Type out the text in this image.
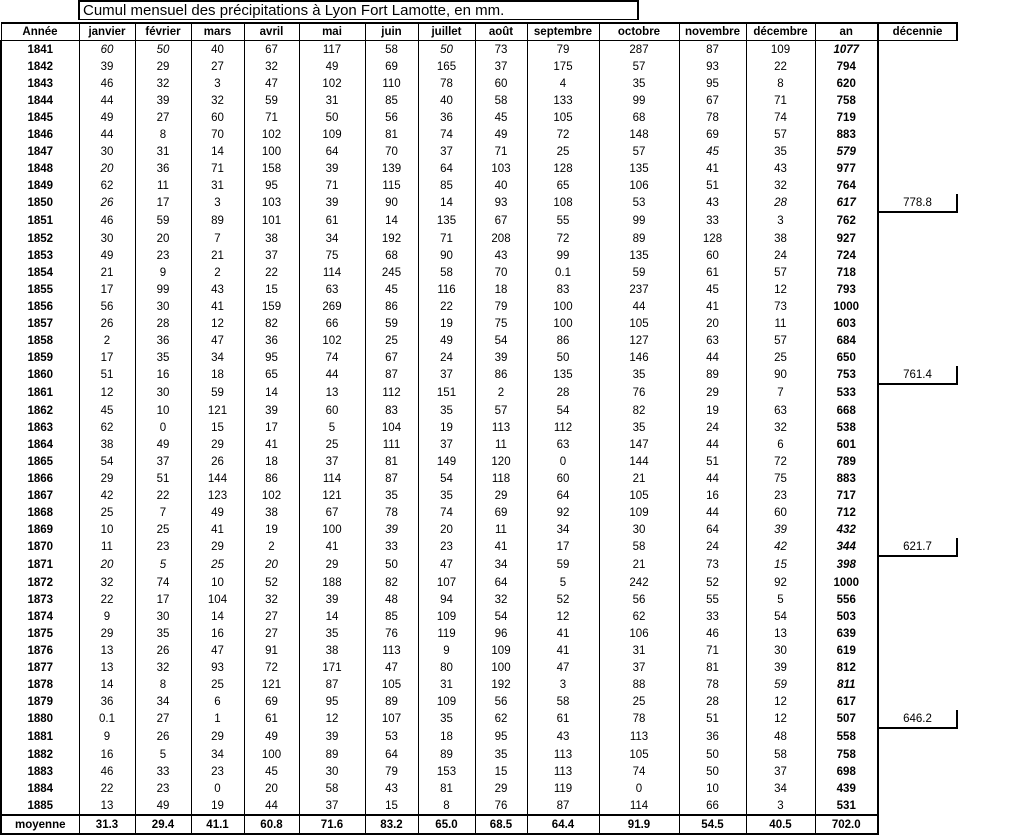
Cumul mensuel des précipitations à Lyon Fort Lamotte, en mm.
Année	janvier	février	mars	avril	mai	juin	juillet	août	septembre	octobre	novembre	décembre	an	décennie
1841	60	50	40	67	117	58	50	73	79	287	87	109	1077	
1842	39	29	27	32	49	69	165	37	175	57	93	22	794	
1843	46	32	3	47	102	110	78	60	4	35	95	8	620	
1844	44	39	32	59	31	85	40	58	133	99	67	71	758	
1845	49	27	60	71	50	56	36	45	105	68	78	74	719	
1846	44	8	70	102	109	81	74	49	72	148	69	57	883	
1847	30	31	14	100	64	70	37	71	25	57	45	35	579	
1848	20	36	71	158	39	139	64	103	128	135	41	43	977	
1849	62	11	31	95	71	115	85	40	65	106	51	32	764	
1850	26	17	3	103	39	90	14	93	108	53	43	28	617	778.8
1851	46	59	89	101	61	14	135	67	55	99	33	3	762	
1852	30	20	7	38	34	192	71	208	72	89	128	38	927	
1853	49	23	21	37	75	68	90	43	99	135	60	24	724	
1854	21	9	2	22	114	245	58	70	0.1	59	61	57	718	
1855	17	99	43	15	63	45	116	18	83	237	45	12	793	
1856	56	30	41	159	269	86	22	79	100	44	41	73	1000	
1857	26	28	12	82	66	59	19	75	100	105	20	11	603	
1858	2	36	47	36	102	25	49	54	86	127	63	57	684	
1859	17	35	34	95	74	67	24	39	50	146	44	25	650	
1860	51	16	18	65	44	87	37	86	135	35	89	90	753	761.4
1861	12	30	59	14	13	112	151	2	28	76	29	7	533	
1862	45	10	121	39	60	83	35	57	54	82	19	63	668	
1863	62	0	15	17	5	104	19	113	112	35	24	32	538	
1864	38	49	29	41	25	111	37	11	63	147	44	6	601	
1865	54	37	26	18	37	81	149	120	0	144	51	72	789	
1866	29	51	144	86	114	87	54	118	60	21	44	75	883	
1867	42	22	123	102	121	35	35	29	64	105	16	23	717	
1868	25	7	49	38	67	78	74	69	92	109	44	60	712	
1869	10	25	41	19	100	39	20	11	34	30	64	39	432	
1870	11	23	29	2	41	33	23	41	17	58	24	42	344	621.7
1871	20	5	25	20	29	50	47	34	59	21	73	15	398	
1872	32	74	10	52	188	82	107	64	5	242	52	92	1000	
1873	22	17	104	32	39	48	94	32	52	56	55	5	556	
1874	9	30	14	27	14	85	109	54	12	62	33	54	503	
1875	29	35	16	27	35	76	119	96	41	106	46	13	639	
1876	13	26	47	91	38	113	9	109	41	31	71	30	619	
1877	13	32	93	72	171	47	80	100	47	37	81	39	812	
1878	14	8	25	121	87	105	31	192	3	88	78	59	811	
1879	36	34	6	69	95	89	109	56	58	25	28	12	617	
1880	0.1	27	1	61	12	107	35	62	61	78	51	12	507	646.2
1881	9	26	29	49	39	53	18	95	43	113	36	48	558	
1882	16	5	34	100	89	64	89	35	113	105	50	58	758	
1883	46	33	23	45	30	79	153	15	113	74	50	37	698	
1884	22	23	0	20	58	43	81	29	119	0	10	34	439	
1885	13	49	19	44	37	15	8	76	87	114	66	3	531	
moyenne	31.3	29.4	41.1	60.8	71.6	83.2	65.0	68.5	64.4	91.9	54.5	40.5	702.0	
